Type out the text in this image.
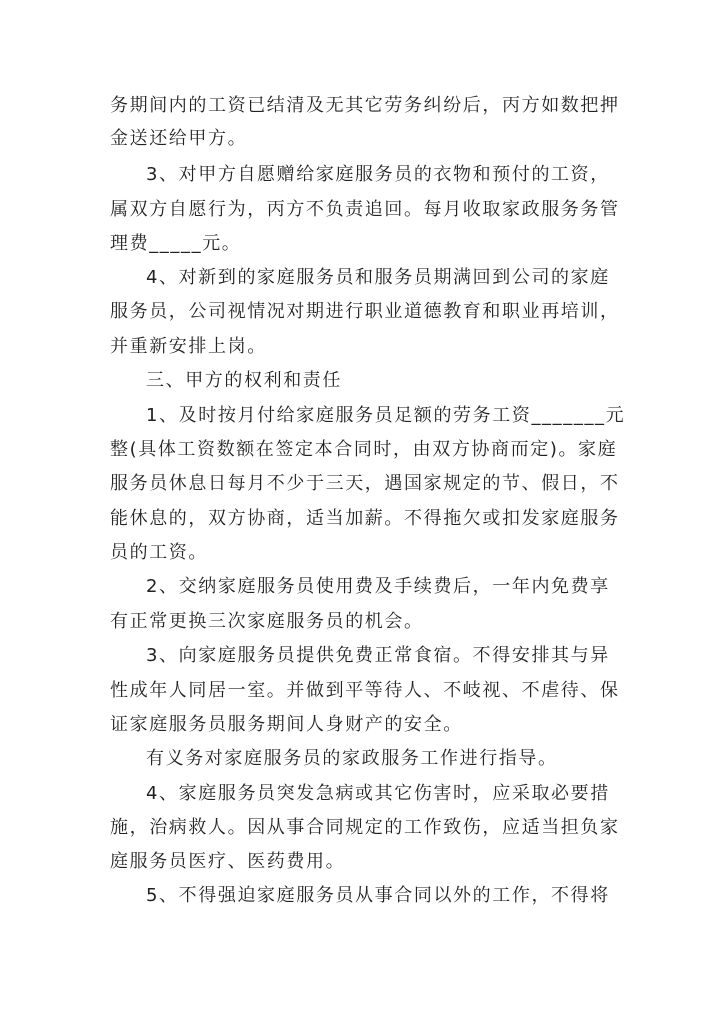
务期间内的工资已结清及无其它劳务纠纷后，丙方如数把押
金送还给甲方。
3、对甲方自愿赠给家庭服务员的衣物和预付的工资，
属双方自愿行为，丙方不负责追回。每月收取家政服务务管
理费_____元。
4、对新到的家庭服务员和服务员期满回到公司的家庭
服务员，公司视情况对期进行职业道德教育和职业再培训，
并重新安排上岗。
三、甲方的权利和责任
1、及时按月付给家庭服务员足额的劳务工资_______元
整(具体工资数额在签定本合同时，由双方协商而定)。家庭
服务员休息日每月不少于三天，遇国家规定的节、假日，不
能休息的，双方协商，适当加薪。不得拖欠或扣发家庭服务
员的工资。
2、交纳家庭服务员使用费及手续费后，一年内免费享
有正常更换三次家庭服务员的机会。
3、向家庭服务员提供免费正常食宿。不得安排其与异
性成年人同居一室。并做到平等待人、不岐视、不虐待、保
证家庭服务员服务期间人身财产的安全。
有义务对家庭服务员的家政服务工作进行指导。
4、家庭服务员突发急病或其它伤害时，应采取必要措
施，治病救人。因从事合同规定的工作致伤，应适当担负家
庭服务员医疗、医药费用。
5、不得强迫家庭服务员从事合同以外的工作，不得将
